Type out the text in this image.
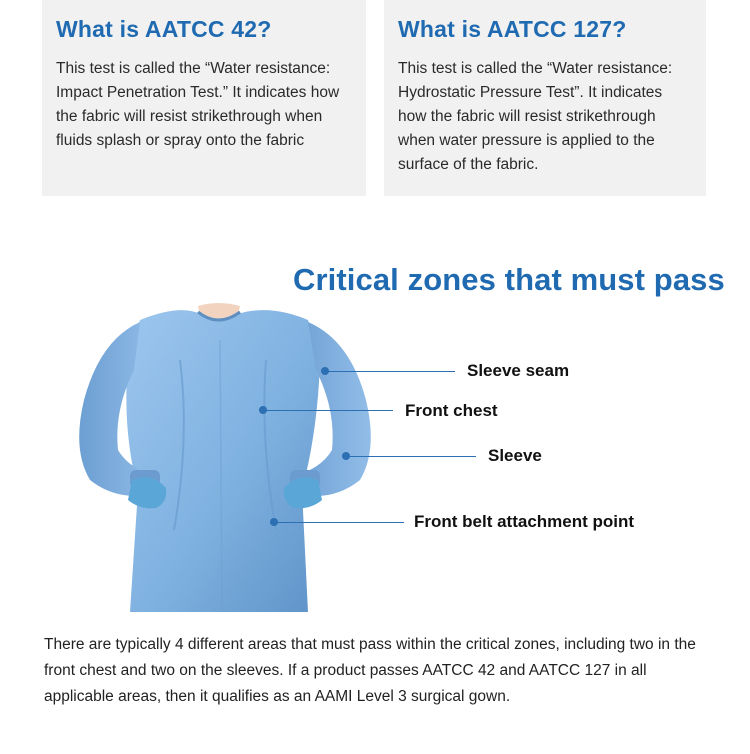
What is AATCC 42?

This test is called the “Water resistance: Impact Penetration Test.” It indicates how the fabric will resist strikethrough when fluids splash or spray onto the fabric

What is AATCC 127?

This test is called the “Water resistance: Hydrostatic Pressure Test”. It indicates how the fabric will resist strikethrough when water pressure is applied to the surface of the fabric.

Critical zones that must pass
Sleeve seam
Front chest
Sleeve
Front belt attachment point

There are typically 4 different areas that must pass within the critical zones, including two in the front chest and two on the sleeves. If a product passes AATCC 42 and AATCC 127 in all applicable areas, then it qualifies as an AAMI Level 3 surgical gown.
